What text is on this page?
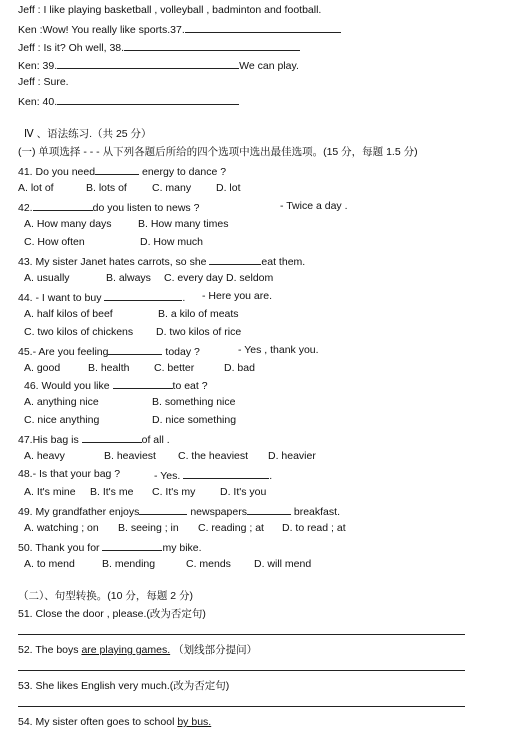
Jeff : I like playing basketball , volleyball , badminton and football.
Ken :Wow! You really like sports.37.
Jeff : Is it? Oh well, 38.
Ken: 39.	We can play.
Jeff : Sure.
Ken: 40.
Ⅳ 、语法练习.（共 25 分）
(一) 单项选择 - - - 从下列各题后所给的四个选项中选出最佳选项。(15 分，每题 1.5 分)
41. Do you need	energy to dance ?
A. lot of	B. lots of C. many D. lot
42.	do you listen to news ?	- Twice a day .
A. How many days	B. How many times
C. How often	D. How much
43. My sister Janet hates carrots, so she	eat them.
A. usually	B. always C. every day D. seldom
44. - I want to buy	. - Here you are.
A. half kilos of beef	B. a kilo of meats
C. two kilos of chickens D. two kilos of rice
45.- Are you feeling	today ?	- Yes , thank you.
A. good	B. health C. better	D. bad
46. Would you like	to eat ?
A. anything nice	B. something nice
C. nice anything	D. nice something
47.His bag is	of all .
A. heavy	B. heaviest C. the heaviest D. heavier
48.- Is that your bag ?	- Yes.	.
A. It's mine B. It's me C. It's my D. It's you
49. My grandfather enjoys	newspapers	breakfast.
A. watching ; on B. seeing ; in C. reading ; at D. to read ; at
50. Thank you for	my bike.
A. to mend	B. mending	C. mends D. will mend
（二）、句型转换。(10 分，每题 2 分)
51. Close the door , please.(改为否定句)
52. The boys are playing games. （划线部分提问）
53. She likes English very much.(改为否定句)
54. My sister often goes to school by bus.
